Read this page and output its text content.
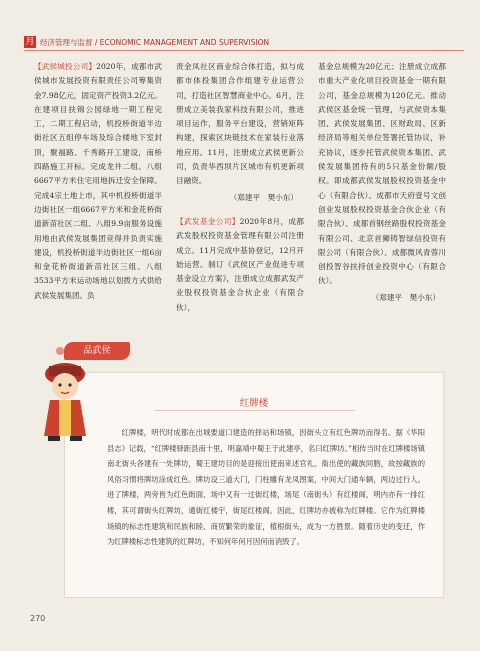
月 经济管理与监督 / ECONOMIC MANAGEMENT AND SUPERVISION
【武侯城投公司】2020年，成都市武侯城市发展投资有限责任公司筹集资金7.98亿元，固定资产投资3.2亿元。在建项目扶锦公园绿地一期工程完工，二期工程启动，机投桥街道半边街社区五组停车场及综合楼地下室封顶，聚福路、千秀路开工建设，南桥四路施工开标。完成龙井二组、八组6667平方米住宅用地拆迁安全保障。完成4宗土地上市，其中机投桥街道半边街社区一组6667平方米和金花桥街道新苗社区二组、八组9.9亩服务设施用地由武侯发展集团竞得并负责实施建设，机投桥街道半边街社区一组6亩和金花桥街道新苗社区三组、八组3533平方米运动场地以划拨方式供给武侯发展集团。负
责金凤社区商业综合体打造，拟与成都市体投集团合作组建专业运营公司，打造社区智慧商业中心。6月，注册成立美装我家科技有限公司，推进项目运作，服务平台建设，营销矩阵构建，探索区块链技术在家装行业落地应用。11月，注册成立武侯更新公司，负责华西坝片区城市有机更新项目融资。
（郑建平　樊小东）
【武发基金公司】2020年8月，成都武发股权投资基金管理有限公司注册成立。11月完成中基协登记，12月开始运营。制订《武侯区产业促进专项基金设立方案》，注册成立成都武发产业股权投资基金合伙企业（有限合伙），
基金总规模为20亿元；注册成立成都市重大产业化项目投资基金一期有限公司，基金总规模为120亿元。推动武侯区基金统一管理，与武侯资本集团、武侯发展集团、区财政局、区新经济局等相关单位签署托管协议，补充协议，逐步托管武侯资本集团、武侯发展集团持有的5只基金份额/股权。即成都武侯发展股权投资基金中心（有限合伙）、成都市天府壹号文创创业发展股权投资基金合伙企业（有限合伙）、成都首钢丝路股权投资基金有限公司、北京首狮铸智绿信投资有限公司（有限合伙）、成都微风青蓉川创投智谷扶持创业投资中心（有限合伙）。
（郑建平　樊小东）
红牌楼
红牌楼，明代时成都在出城要道口建造的择站和场镇，因街头立有红色牌坊而得名。据《华阳县志》记载，“红牌楼驿距县南十里，明嘉靖中蜀王于此建亭，名曰红牌坊。”相传当时在红牌楼场镇南北街头各建有一处牌坊，蜀王建坊目的是迎接出使南来述官礼、衙出使的藏族同胞，故按藏族的风俗习惯将牌坊涂成红色。牌坊设三道大门，门柱雕有龙凤图案，中间大门通车辆，两边过行人。进了牌楼，两旁皆为红色街面，场中又有一过街红楼，场尾（南街头）有红楼阁，明内亦有一排红楼，其可谓街头红牌坊，通街红楼宇，街尾红楼阁。因此，红牌坊亦被称为红牌楼。它作为红牌楼场镇的标志性建筑和民族和睦、商贸繁荣的象征，植根街头，成为一方胜景。随着历史的变迁，作为红牌楼标志性建筑的红牌坊，不知何年何月因何而消毁了。
品武侯
270
